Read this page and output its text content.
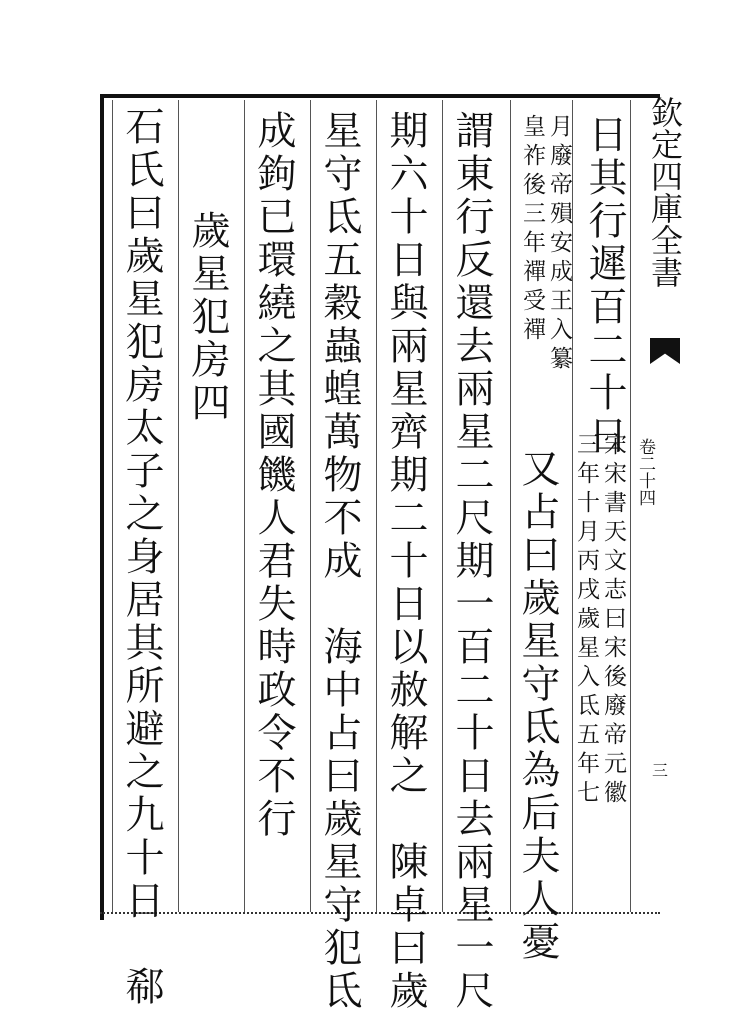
欽定四庫全書
卷二十四
三
日其行遲百二十日
宋宋書天文志曰宋後廢帝元徽
三年十月丙戌歲星入氐五年七
月廢帝殞安成王入纂
皇祚後三年禪受禪
又占曰歲星守氐為后夫人憂
謂東行反還去兩星二尺期一百二十日去兩星一尺
期六十日與兩星齊期二十日以赦解之　陳卓曰歲
星守氐五穀蟲蝗萬物不成　海中占曰歲星守犯氐
成鉤已環繞之其國饑人君失時政令不行
歲星犯房四
石氏曰歲星犯房太子之身居其所避之九十日　郗
